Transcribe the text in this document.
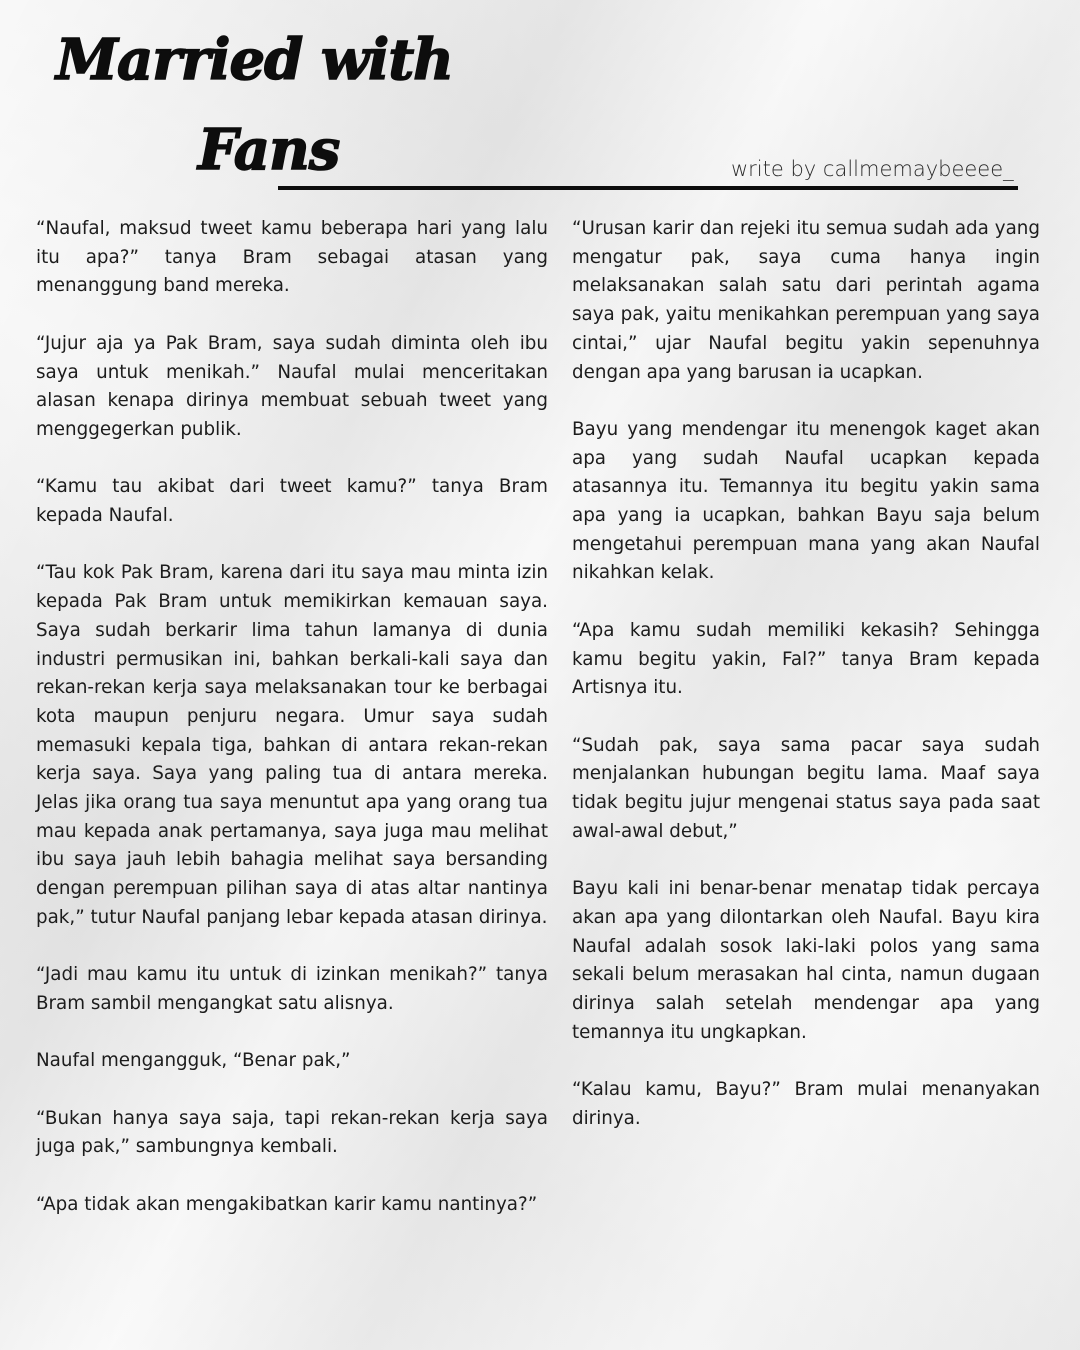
Married with
Fans	write by callmemaybeeee_

“Naufal, maksud tweet kamu beberapa hari yang lalu itu apa?” tanya Bram sebagai atasan yang menanggung band mereka.

“Jujur aja ya Pak Bram, saya sudah diminta oleh ibu saya untuk menikah.” Naufal mulai menceritakan alasan kenapa dirinya membuat sebuah tweet yang menggegerkan publik.

“Kamu tau akibat dari tweet kamu?” tanya Bram kepada Naufal.

“Tau kok Pak Bram, karena dari itu saya mau minta izin kepada Pak Bram untuk memikirkan kemauan saya. Saya sudah berkarir lima tahun lamanya di dunia industri permusikan ini, bahkan berkali-kali saya dan rekan-rekan kerja saya melaksanakan tour ke berbagai kota maupun penjuru negara. Umur saya sudah memasuki kepala tiga, bahkan di antara rekan-rekan kerja saya. Saya yang paling tua di antara mereka. Jelas jika orang tua saya menuntut apa yang orang tua mau kepada anak pertamanya, saya juga mau melihat ibu saya jauh lebih bahagia melihat saya bersanding dengan perempuan pilihan saya di atas altar nantinya pak,” tutur Naufal panjang lebar kepada atasan dirinya.

“Jadi mau kamu itu untuk di izinkan menikah?” tanya Bram sambil mengangkat satu alisnya.

Naufal mengangguk, “Benar pak,”

“Bukan hanya saya saja, tapi rekan-rekan kerja saya juga pak,” sambungnya kembali.

“Apa tidak akan mengakibatkan karir kamu nantinya?”

“Urusan karir dan rejeki itu semua sudah ada yang mengatur pak, saya cuma hanya ingin melaksanakan salah satu dari perintah agama saya pak, yaitu menikahkan perempuan yang saya cintai,” ujar Naufal begitu yakin sepenuhnya dengan apa yang barusan ia ucapkan.

Bayu yang mendengar itu menengok kaget akan apa yang sudah Naufal ucapkan kepada atasannya itu. Temannya itu begitu yakin sama apa yang ia ucapkan, bahkan Bayu saja belum mengetahui perempuan mana yang akan Naufal nikahkan kelak.

“Apa kamu sudah memiliki kekasih? Sehingga kamu begitu yakin, Fal?” tanya Bram kepada Artisnya itu.

“Sudah pak, saya sama pacar saya sudah menjalankan hubungan begitu lama. Maaf saya tidak begitu jujur mengenai status saya pada saat awal-awal debut,”

Bayu kali ini benar-benar menatap tidak percaya akan apa yang dilontarkan oleh Naufal. Bayu kira Naufal adalah sosok laki-laki polos yang sama sekali belum merasakan hal cinta, namun dugaan dirinya salah setelah mendengar apa yang temannya itu ungkapkan.

“Kalau kamu, Bayu?” Bram mulai menanyakan dirinya.
